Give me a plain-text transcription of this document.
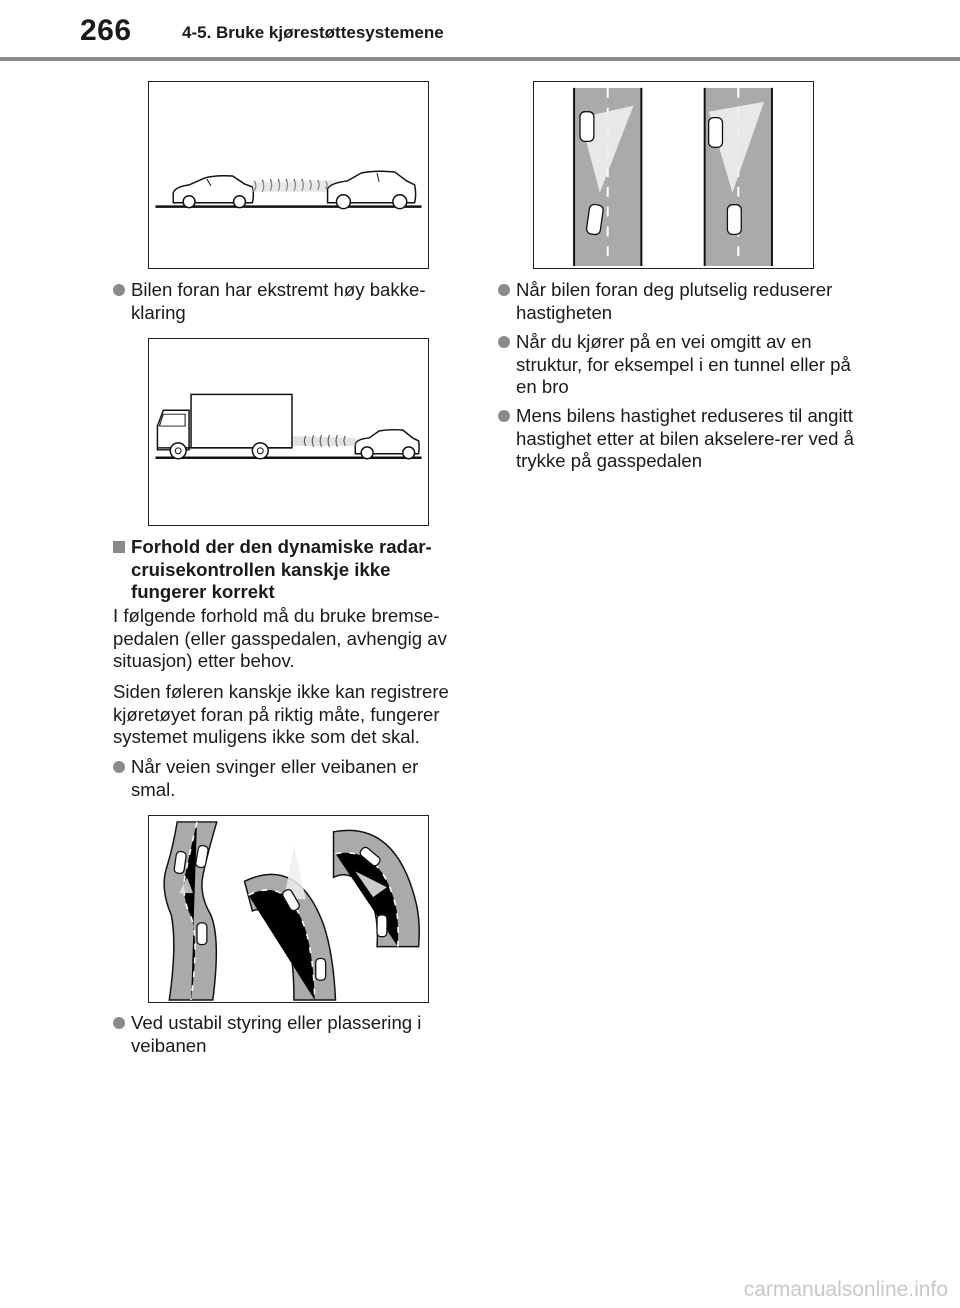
266	4-5. Bruke kjørestøttesystemene
Bilen foran har ekstremt høy bakke-klaring
Forhold der den dynamiske radar-cruisekontrollen kanskje ikke fungerer korrekt
I følgende forhold må du bruke bremse-pedalen (eller gasspedalen, avhengig av situasjon) etter behov.
Siden føleren kanskje ikke kan registrere kjøretøyet foran på riktig måte, fungerer systemet muligens ikke som det skal.
Når veien svinger eller veibanen er smal.
Ved ustabil styring eller plassering i veibanen
Når bilen foran deg plutselig reduserer hastigheten
Når du kjører på en vei omgitt av en struktur, for eksempel i en tunnel eller på en bro
Mens bilens hastighet reduseres til angitt hastighet etter at bilen akselere-rer ved å trykke på gasspedalen
carmanualsonline.info
